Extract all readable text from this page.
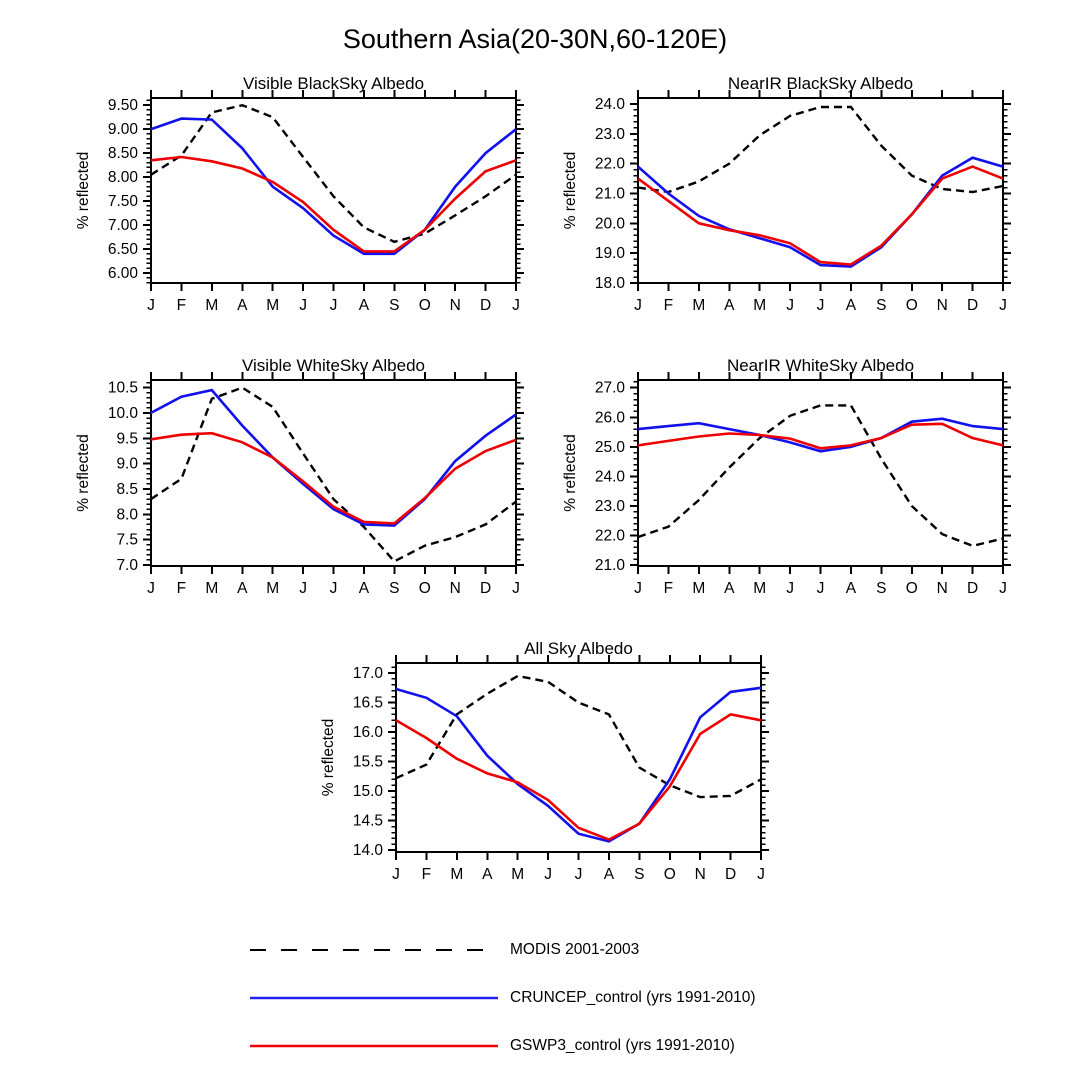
Southern Asia(20-30N,60-120E)
J F M A M J J A S O N D J
6.00
6.50
7.00
7.50
8.00
8.50
9.00
9.50
Visible BlackSky Albedo
% reflected
J F M A M J J A S O N D J
18.0
19.0
20.0
21.0
22.0
23.0
24.0
NearIR BlackSky Albedo
% reflected
J F M A M J J A S O N D J
7.0
7.5
8.0
8.5
9.0
9.5
10.0
10.5
Visible WhiteSky Albedo
% reflected
J F M A M J J A S O N D J
21.0
22.0
23.0
24.0
25.0
26.0
27.0
NearIR WhiteSky Albedo
% reflected
J F M A M J J A S O N D J
14.0
14.5
15.0
15.5
16.0
16.5
17.0
All Sky Albedo
% reflected
MODIS 2001-2003
CRUNCEP_control (yrs 1991-2010)
GSWP3_control (yrs 1991-2010)
